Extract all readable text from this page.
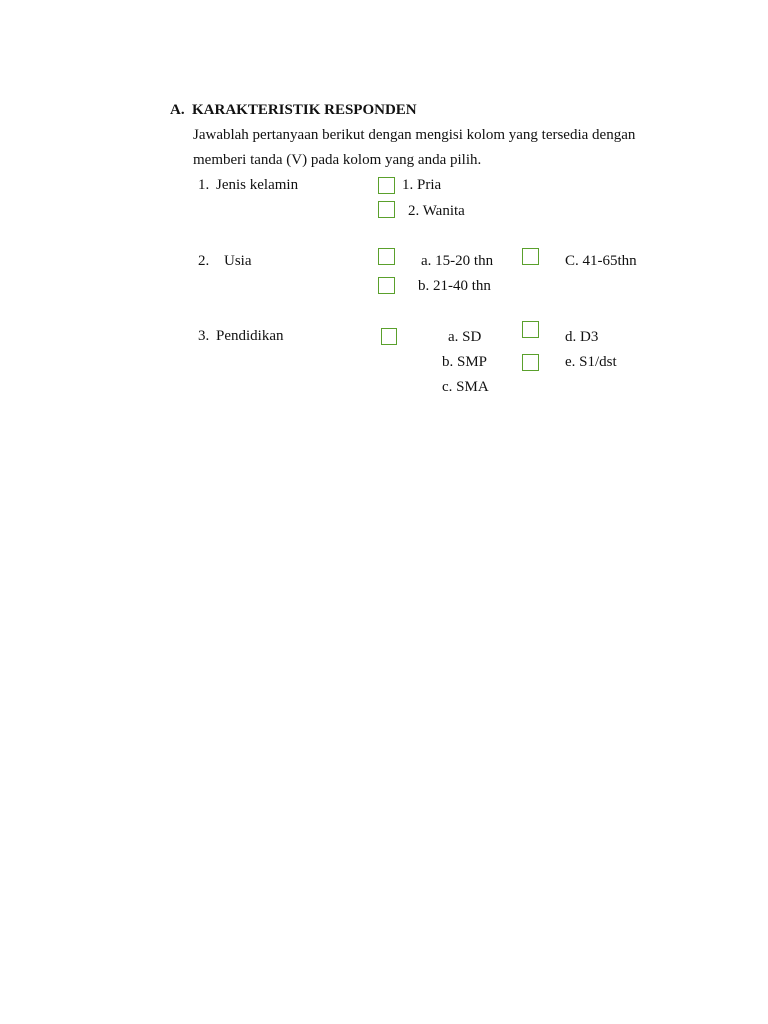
A. KARAKTERISTIK RESPONDEN
Jawablah pertanyaan berikut dengan mengisi kolom yang tersedia dengan
memberi tanda (V) pada kolom yang anda pilih.
1. Jenis kelamin	1. Pria
2. Wanita
2. Usia	a. 15-20 thn	C. 41-65thn
b. 21-40 thn
3. Pendidikan	a. SD	d. D3
b. SMP	e. S1/dst
c. SMA
